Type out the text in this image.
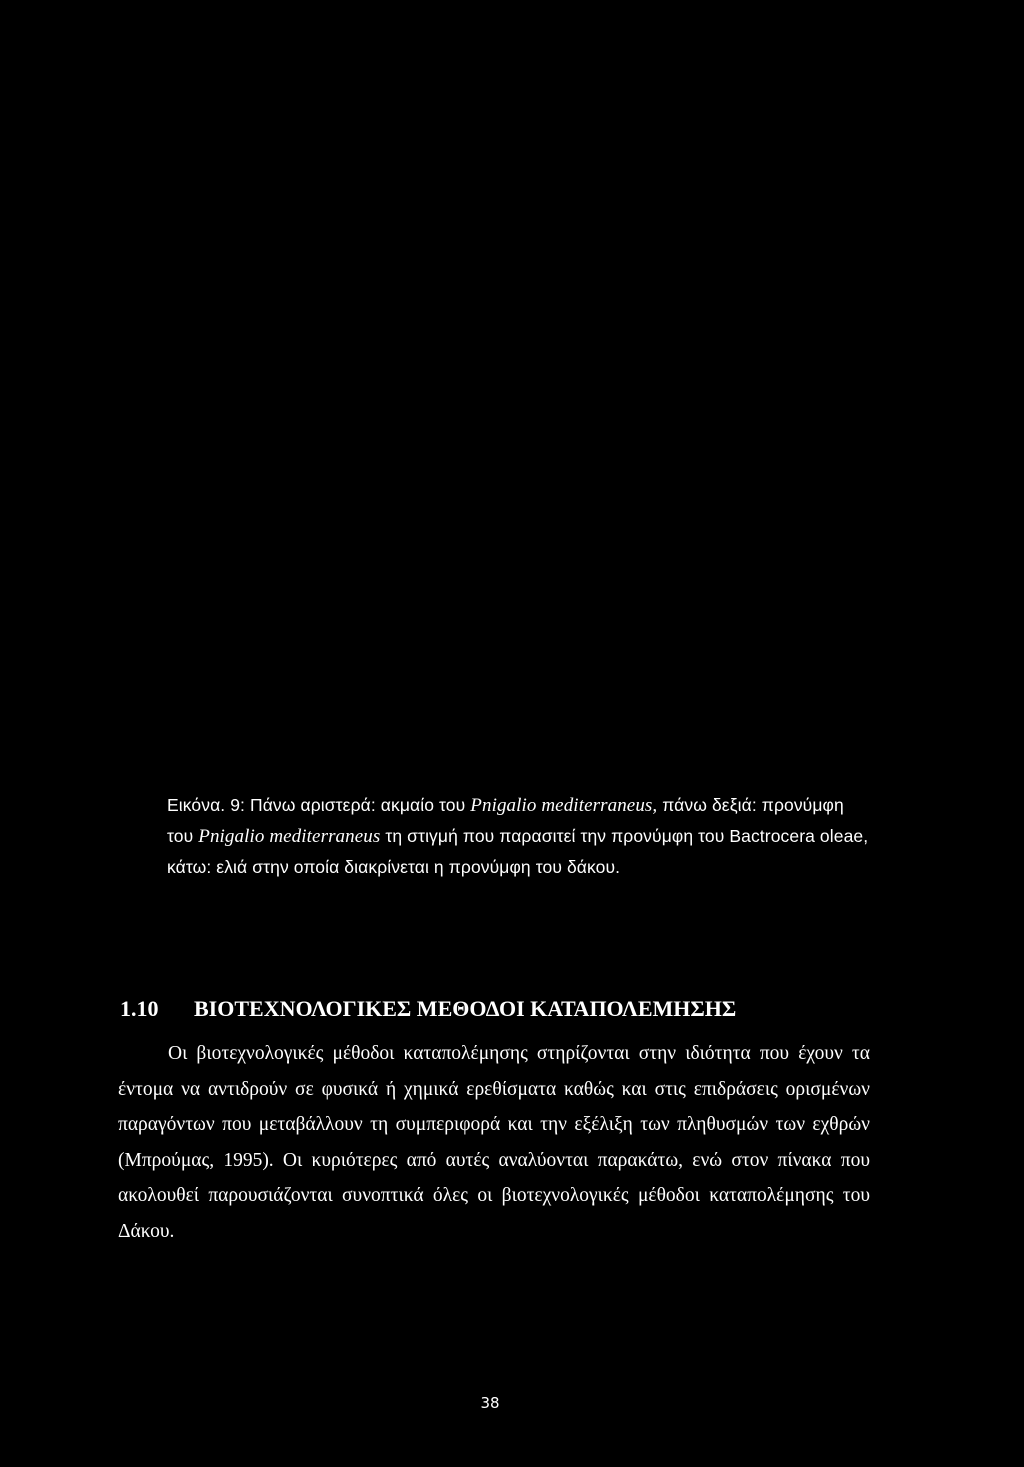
Εικόνα. 9: Πάνω αριστερά: ακμαίο του Pnigalio mediterraneus, πάνω δεξιά: προνύμφη του Pnigalio mediterraneus τη στιγμή που παρασιτεί την προνύμφη του Bactrocera oleae, κάτω: ελιά στην οποία διακρίνεται η προνύμφη του δάκου.
1.10 ΒΙΟΤΕΧΝΟΛΟΓΙΚΕΣ ΜΕΘΟΔΟΙ ΚΑΤΑΠΟΛΕΜΗΣΗΣ

Οι βιοτεχνολογικές μέθοδοι καταπολέμησης στηρίζονται στην ιδιότητα που έχουν τα έντομα να αντιδρούν σε φυσικά ή χημικά ερεθίσματα καθώς και στις επιδράσεις ορισμένων παραγόντων που μεταβάλλουν τη συμπεριφορά και την εξέλιξη των πληθυσμών των εχθρών (Μπρούμας, 1995). Οι κυριότερες από αυτές αναλύονται παρακάτω, ενώ στον πίνακα που ακολουθεί παρουσιάζονται συνοπτικά όλες οι βιοτεχνολογικές μέθοδοι καταπολέμησης του Δάκου.

38
